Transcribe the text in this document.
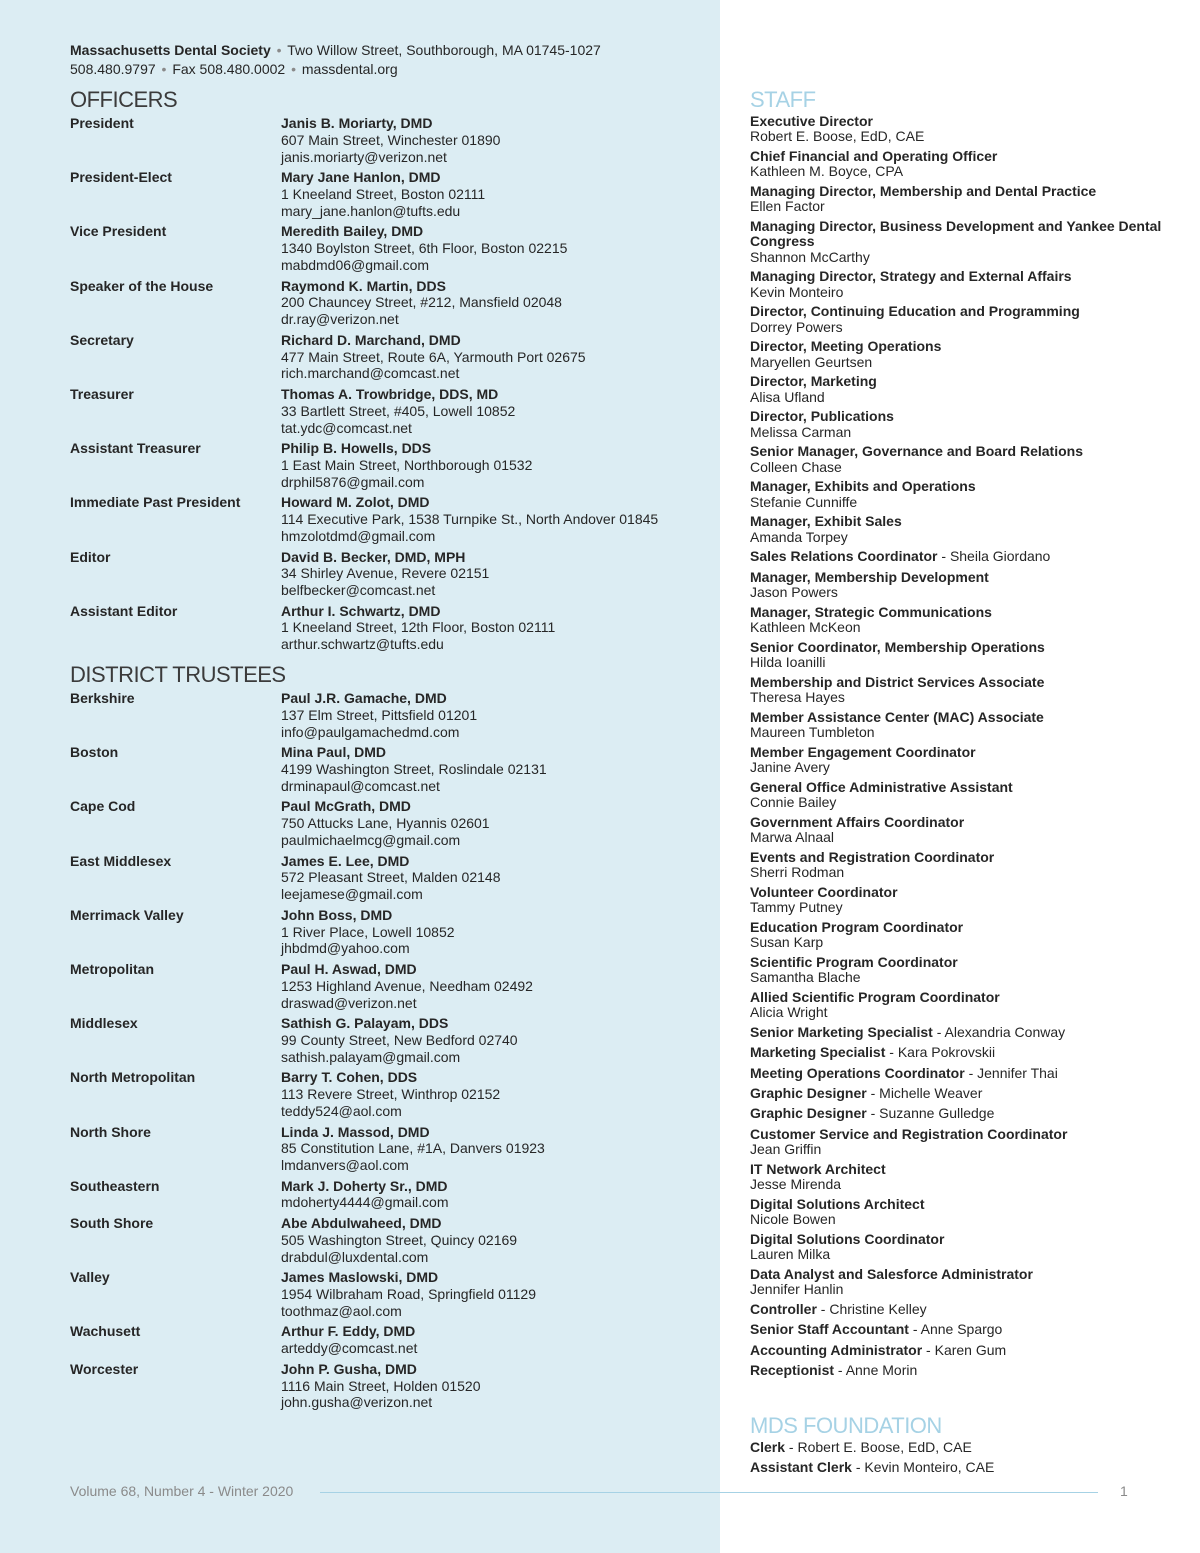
Massachusetts Dental Society • Two Willow Street, Southborough, MA 01745-1027
508.480.9797 • Fax 508.480.0002 • massdental.org
OFFICERS
President	Janis B. Moriarty, DMD
607 Main Street, Winchester 01890
janis.moriarty@verizon.net
President-Elect	Mary Jane Hanlon, DMD
1 Kneeland Street, Boston 02111
mary_jane.hanlon@tufts.edu
Vice President	Meredith Bailey, DMD
1340 Boylston Street, 6th Floor, Boston 02215
mabdmd06@gmail.com
Speaker of the House	Raymond K. Martin, DDS
200 Chauncey Street, #212, Mansfield 02048
dr.ray@verizon.net
Secretary	Richard D. Marchand, DMD
477 Main Street, Route 6A, Yarmouth Port 02675
rich.marchand@comcast.net
Treasurer	Thomas A. Trowbridge, DDS, MD
33 Bartlett Street, #405, Lowell 10852
tat.ydc@comcast.net
Assistant Treasurer	Philip B. Howells, DDS
1 East Main Street, Northborough 01532
drphil5876@gmail.com
Immediate Past President	Howard M. Zolot, DMD
114 Executive Park, 1538 Turnpike St., North Andover 01845
hmzolotdmd@gmail.com
Editor	David B. Becker, DMD, MPH
34 Shirley Avenue, Revere 02151
belfbecker@comcast.net
Assistant Editor	Arthur I. Schwartz, DMD
1 Kneeland Street, 12th Floor, Boston 02111
arthur.schwartz@tufts.edu
DISTRICT TRUSTEES
Berkshire	Paul J.R. Gamache, DMD
137 Elm Street, Pittsfield 01201
info@paulgamachedmd.com
Boston	Mina Paul, DMD
4199 Washington Street, Roslindale 02131
drminapaul@comcast.net
Cape Cod	Paul McGrath, DMD
750 Attucks Lane, Hyannis 02601
paulmichaelmcg@gmail.com
East Middlesex	James E. Lee, DMD
572 Pleasant Street, Malden 02148
leejamese@gmail.com
Merrimack Valley	John Boss, DMD
1 River Place, Lowell 10852
jhbdmd@yahoo.com
Metropolitan	Paul H. Aswad, DMD
1253 Highland Avenue, Needham 02492
draswad@verizon.net
Middlesex	Sathish G. Palayam, DDS
99 County Street, New Bedford 02740
sathish.palayam@gmail.com
North Metropolitan	Barry T. Cohen, DDS
113 Revere Street, Winthrop 02152
teddy524@aol.com
North Shore	Linda J. Massod, DMD
85 Constitution Lane, #1A, Danvers 01923
lmdanvers@aol.com
Southeastern	Mark J. Doherty Sr., DMD
mdoherty4444@gmail.com
South Shore	Abe Abdulwaheed, DMD
505 Washington Street, Quincy 02169
drabdul@luxdental.com
Valley	James Maslowski, DMD
1954 Wilbraham Road, Springfield 01129
toothmaz@aol.com
Wachusett	Arthur F. Eddy, DMD
arteddy@comcast.net
Worcester	John P. Gusha, DMD
1116 Main Street, Holden 01520
john.gusha@verizon.net
STAFF
Executive Director
Robert E. Boose, EdD, CAE
Chief Financial and Operating Officer
Kathleen M. Boyce, CPA
Managing Director, Membership and Dental Practice
Ellen Factor
Managing Director, Business Development and Yankee Dental Congress
Shannon McCarthy
Managing Director, Strategy and External Affairs
Kevin Monteiro
Director, Continuing Education and Programming
Dorrey Powers
Director, Meeting Operations
Maryellen Geurtsen
Director, Marketing
Alisa Ufland
Director, Publications
Melissa Carman
Senior Manager, Governance and Board Relations
Colleen Chase
Manager, Exhibits and Operations
Stefanie Cunniffe
Manager, Exhibit Sales
Amanda Torpey
Sales Relations Coordinator - Sheila Giordano
Manager, Membership Development
Jason Powers
Manager, Strategic Communications
Kathleen McKeon
Senior Coordinator, Membership Operations
Hilda Ioanilli
Membership and District Services Associate
Theresa Hayes
Member Assistance Center (MAC) Associate
Maureen Tumbleton
Member Engagement Coordinator
Janine Avery
General Office Administrative Assistant
Connie Bailey
Government Affairs Coordinator
Marwa Alnaal
Events and Registration Coordinator
Sherri Rodman
Volunteer Coordinator
Tammy Putney
Education Program Coordinator
Susan Karp
Scientific Program Coordinator
Samantha Blache
Allied Scientific Program Coordinator
Alicia Wright
Senior Marketing Specialist - Alexandria Conway
Marketing Specialist - Kara Pokrovskii
Meeting Operations Coordinator - Jennifer Thai
Graphic Designer - Michelle Weaver
Graphic Designer - Suzanne Gulledge
Customer Service and Registration Coordinator
Jean Griffin
IT Network Architect
Jesse Mirenda
Digital Solutions Architect
Nicole Bowen
Digital Solutions Coordinator
Lauren Milka
Data Analyst and Salesforce Administrator
Jennifer Hanlin
Controller - Christine Kelley
Senior Staff Accountant - Anne Spargo
Accounting Administrator - Karen Gum
Receptionist - Anne Morin
MDS FOUNDATION
Clerk - Robert E. Boose, EdD, CAE
Assistant Clerk - Kevin Monteiro, CAE
Volume 68, Number 4 - Winter 2020	1
